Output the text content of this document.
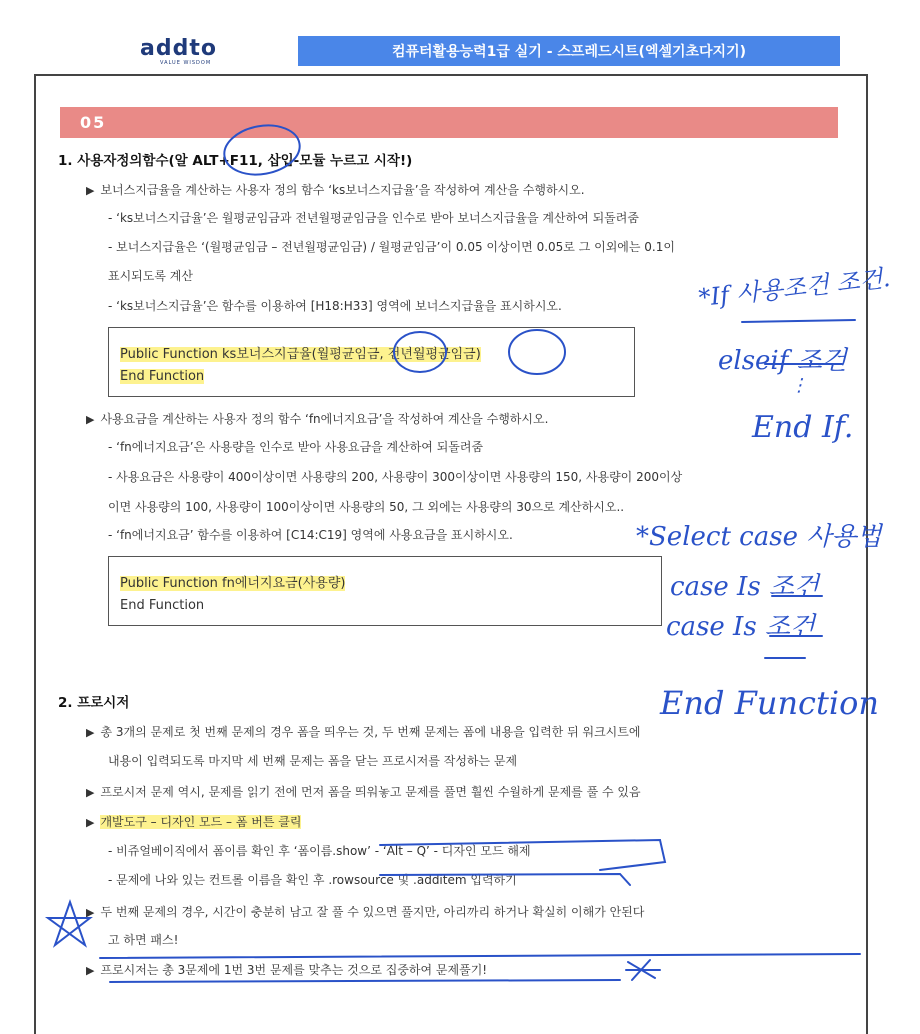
addto
VALUE WISDOM
컴퓨터활용능력1급 실기 - 스프레드시트(엑셀기초다지기)
05
1. 사용자정의함수(알 ALT+F11, 삽입-모듈 누르고 시작!)
▶ 보너스지급율을 계산하는 사용자 정의 함수 ‘ks보너스지급율’을 작성하여 계산을 수행하시오.
- ‘ks보너스지급율’은 월평균임금과 전년월평균임금을 인수로 받아 보너스지급율을 계산하여 되돌려줌
- 보너스지급율은 ‘(월평균임금 – 전년월평균임금) / 월평균임금’이 0.05 이상이면 0.05로 그 이외에는 0.1이
표시되도록 계산
- ‘ks보너스지급율’은 함수를 이용하여 [H18:H33] 영역에 보너스지급율을 표시하시오.
Public Function ks보너스지급율(월평균임금, 전년월평균임금)
End Function
▶ 사용요금을 계산하는 사용자 정의 함수 ‘fn에너지요금’을 작성하여 계산을 수행하시오.
- ‘fn에너지요금’은 사용량을 인수로 받아 사용요금을 계산하여 되돌려줌
- 사용요금은 사용량이 400이상이면 사용량의 200, 사용량이 300이상이면 사용량의 150, 사용량이 200이상
이면 사용량의 100, 사용량이 100이상이면 사용량의 50, 그 외에는 사용량의 30으로 계산하시오..
- ‘fn에너지요금’ 함수를 이용하여 [C14:C19] 영역에 사용요금을 표시하시오.
Public Function fn에너지요금(사용량)
End Function
2. 프로시저
▶ 총 3개의 문제로 첫 번째 문제의 경우 폼을 띄우는 것, 두 번째 문제는 폼에 내용을 입력한 뒤 워크시트에
내용이 입력되도록 마지막 세 번째 문제는 폼을 닫는 프로시저를 작성하는 문제
▶ 프로시저 문제 역시, 문제를 읽기 전에 먼저 폼을 띄워놓고 문제를 풀면 훨씬 수월하게 문제를 풀 수 있음
▶ 개발도구 – 디자인 모드 – 폼 버튼 클릭
- 비쥬얼베이직에서 폼이름 확인 후 ‘폼이름.show’ - ‘Alt – Q’ - 디자인 모드 해제
- 문제에 나와 있는 컨트롤 이름을 확인 후 .rowsource 및 .additem 입력하기
▶ 두 번째 문제의 경우, 시간이 충분히 남고 잘 풀 수 있으면 풀지만, 아리까리 하거나 확실히 이해가 안된다
고 하면 패스!
▶ 프로시저는 총 3문제에 1번 3번 문제를 맞추는 것으로 집중하여 문제풀기!
*If 사용조건 조건.
elseif 조건
⋮
End If.
*Select case 사용법
case Is 조건
case Is 조건
End Function
